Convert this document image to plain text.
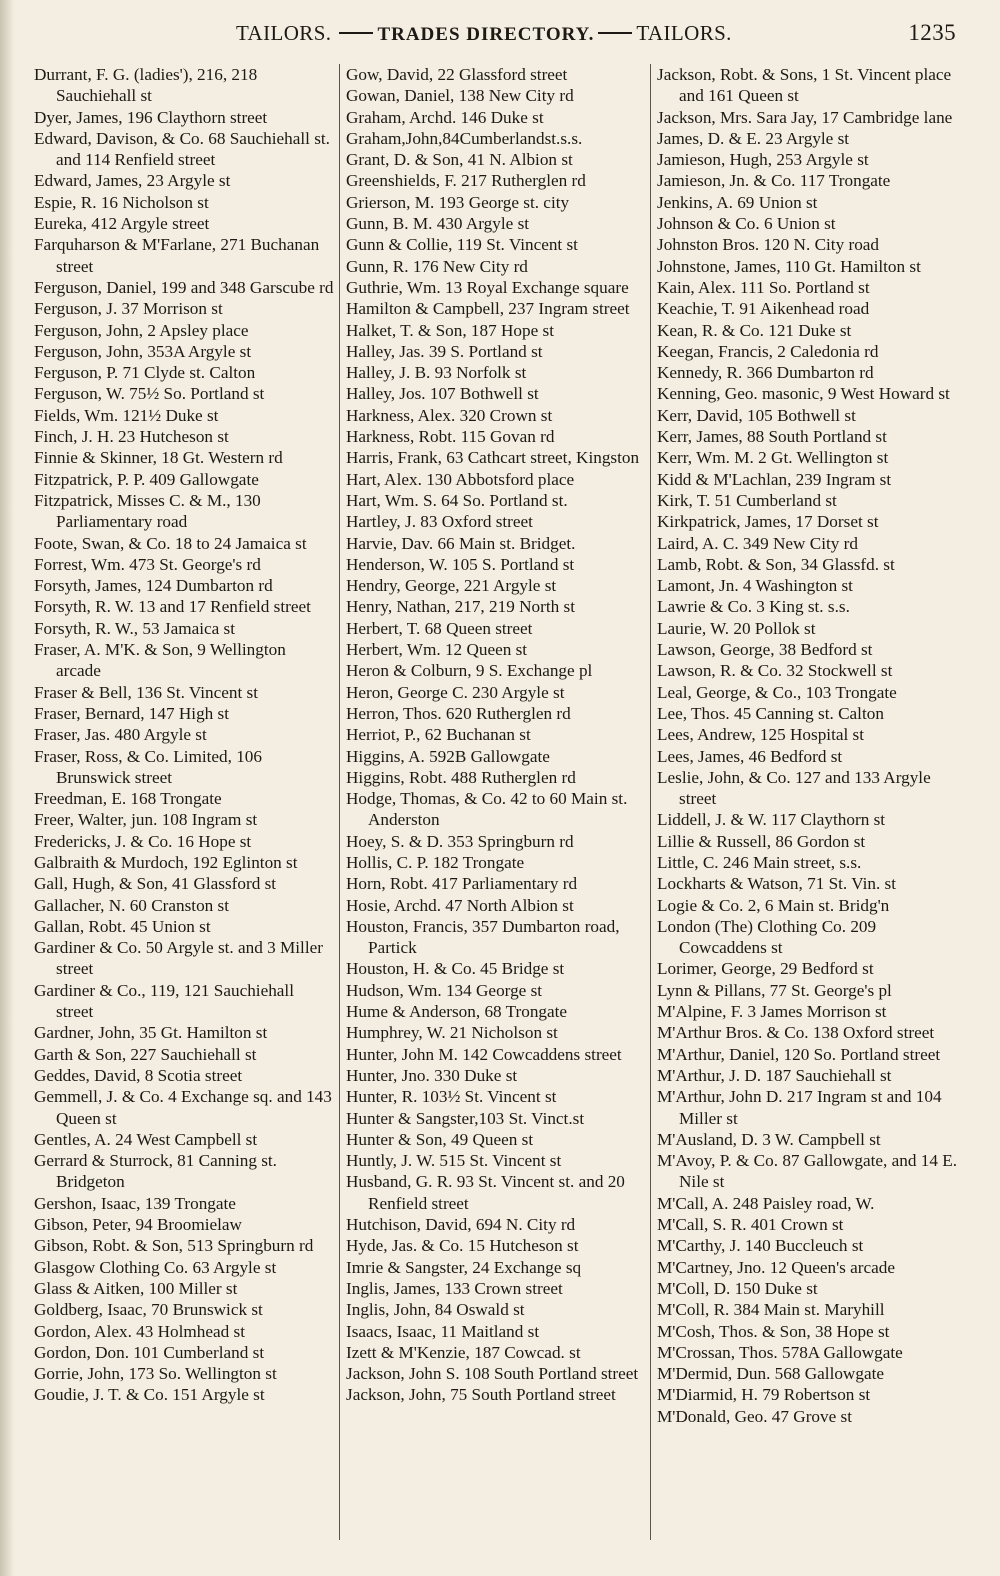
TAILORS. TRADES DIRECTORY. TAILORS.	1235
Durrant, F. G. (ladies'), 216, 218 Sauchiehall st
Dyer, James, 196 Claythorn street
Edward, Davison, & Co. 68 Sauchiehall st. and 114 Renfield street
Edward, James, 23 Argyle st
Espie, R. 16 Nicholson st
Eureka, 412 Argyle street
Farquharson & M'Farlane, 271 Buchanan street
Ferguson, Daniel, 199 and 348 Garscube rd
Ferguson, J. 37 Morrison st
Ferguson, John, 2 Apsley place
Ferguson, John, 353A Argyle st
Ferguson, P. 71 Clyde st. Calton
Ferguson, W. 75½ So. Portland st
Fields, Wm. 121½ Duke st
Finch, J. H. 23 Hutcheson st
Finnie & Skinner, 18 Gt. Western rd
Fitzpatrick, P. P. 409 Gallowgate
Fitzpatrick, Misses C. & M., 130 Parliamentary road
Foote, Swan, & Co. 18 to 24 Jamaica st
Forrest, Wm. 473 St. George's rd
Forsyth, James, 124 Dumbarton rd
Forsyth, R. W. 13 and 17 Renfield street
Forsyth, R. W., 53 Jamaica st
Fraser, A. M'K. & Son, 9 Wellington arcade
Fraser & Bell, 136 St. Vincent st
Fraser, Bernard, 147 High st
Fraser, Jas. 480 Argyle st
Fraser, Ross, & Co. Limited, 106 Brunswick street
Freedman, E. 168 Trongate
Freer, Walter, jun. 108 Ingram st
Fredericks, J. & Co. 16 Hope st
Galbraith & Murdoch, 192 Eglinton st
Gall, Hugh, & Son, 41 Glassford st
Gallacher, N. 60 Cranston st
Gallan, Robt. 45 Union st
Gardiner & Co. 50 Argyle st. and 3 Miller street
Gardiner & Co., 119, 121 Sauchiehall street
Gardner, John, 35 Gt. Hamilton st
Garth & Son, 227 Sauchiehall st
Geddes, David, 8 Scotia street
Gemmell, J. & Co. 4 Exchange sq. and 143 Queen st
Gentles, A. 24 West Campbell st
Gerrard & Sturrock, 81 Canning st. Bridgeton
Gershon, Isaac, 139 Trongate
Gibson, Peter, 94 Broomielaw
Gibson, Robt. & Son, 513 Springburn rd
Glasgow Clothing Co. 63 Argyle st
Glass & Aitken, 100 Miller st
Goldberg, Isaac, 70 Brunswick st
Gordon, Alex. 43 Holmhead st
Gordon, Don. 101 Cumberland st
Gorrie, John, 173 So. Wellington st
Goudie, J. T. & Co. 151 Argyle st
Gow, David, 22 Glassford street
Gowan, Daniel, 138 New City rd
Graham, Archd. 146 Duke st
Graham,John,84Cumberlandst.s.s.
Grant, D. & Son, 41 N. Albion st
Greenshields, F. 217 Rutherglen rd
Grierson, M. 193 George st. city
Gunn, B. M. 430 Argyle st
Gunn & Collie, 119 St. Vincent st
Gunn, R. 176 New City rd
Guthrie, Wm. 13 Royal Exchange square
Hamilton & Campbell, 237 Ingram street
Halket, T. & Son, 187 Hope st
Halley, Jas. 39 S. Portland st
Halley, J. B. 93 Norfolk st
Halley, Jos. 107 Bothwell st
Harkness, Alex. 320 Crown st
Harkness, Robt. 115 Govan rd
Harris, Frank, 63 Cathcart street, Kingston
Hart, Alex. 130 Abbotsford place
Hart, Wm. S. 64 So. Portland st.
Hartley, J. 83 Oxford street
Harvie, Dav. 66 Main st. Bridget.
Henderson, W. 105 S. Portland st
Hendry, George, 221 Argyle st
Henry, Nathan, 217, 219 North st
Herbert, T. 68 Queen street
Herbert, Wm. 12 Queen st
Heron & Colburn, 9 S. Exchange pl
Heron, George C. 230 Argyle st
Herron, Thos. 620 Rutherglen rd
Herriot, P., 62 Buchanan st
Higgins, A. 592B Gallowgate
Higgins, Robt. 488 Rutherglen rd
Hodge, Thomas, & Co. 42 to 60 Main st. Anderston
Hoey, S. & D. 353 Springburn rd
Hollis, C. P. 182 Trongate
Horn, Robt. 417 Parliamentary rd
Hosie, Archd. 47 North Albion st
Houston, Francis, 357 Dumbarton road, Partick
Houston, H. & Co. 45 Bridge st
Hudson, Wm. 134 George st
Hume & Anderson, 68 Trongate
Humphrey, W. 21 Nicholson st
Hunter, John M. 142 Cowcaddens street
Hunter, Jno. 330 Duke st
Hunter, R. 103½ St. Vincent st
Hunter & Sangster,103 St. Vinct.st
Hunter & Son, 49 Queen st
Huntly, J. W. 515 St. Vincent st
Husband, G. R. 93 St. Vincent st. and 20 Renfield street
Hutchison, David, 694 N. City rd
Hyde, Jas. & Co. 15 Hutcheson st
Imrie & Sangster, 24 Exchange sq
Inglis, James, 133 Crown street
Inglis, John, 84 Oswald st
Isaacs, Isaac, 11 Maitland st
Izett & M'Kenzie, 187 Cowcad. st
Jackson, John S. 108 South Portland street
Jackson, John, 75 South Portland street
Jackson, Robt. & Sons, 1 St. Vincent place and 161 Queen st
Jackson, Mrs. Sara Jay, 17 Cambridge lane
James, D. & E. 23 Argyle st
Jamieson, Hugh, 253 Argyle st
Jamieson, Jn. & Co. 117 Trongate
Jenkins, A. 69 Union st
Johnson & Co. 6 Union st
Johnston Bros. 120 N. City road
Johnstone, James, 110 Gt. Hamilton st
Kain, Alex. 111 So. Portland st
Keachie, T. 91 Aikenhead road
Kean, R. & Co. 121 Duke st
Keegan, Francis, 2 Caledonia rd
Kennedy, R. 366 Dumbarton rd
Kenning, Geo. masonic, 9 West Howard st
Kerr, David, 105 Bothwell st
Kerr, James, 88 South Portland st
Kerr, Wm. M. 2 Gt. Wellington st
Kidd & M'Lachlan, 239 Ingram st
Kirk, T. 51 Cumberland st
Kirkpatrick, James, 17 Dorset st
Laird, A. C. 349 New City rd
Lamb, Robt. & Son, 34 Glassfd. st
Lamont, Jn. 4 Washington st
Lawrie & Co. 3 King st. s.s.
Laurie, W. 20 Pollok st
Lawson, George, 38 Bedford st
Lawson, R. & Co. 32 Stockwell st
Leal, George, & Co., 103 Trongate
Lee, Thos. 45 Canning st. Calton
Lees, Andrew, 125 Hospital st
Lees, James, 46 Bedford st
Leslie, John, & Co. 127 and 133 Argyle street
Liddell, J. & W. 117 Claythorn st
Lillie & Russell, 86 Gordon st
Little, C. 246 Main street, s.s.
Lockharts & Watson, 71 St. Vin. st
Logie & Co. 2, 6 Main st. Bridg'n
London (The) Clothing Co. 209 Cowcaddens st
Lorimer, George, 29 Bedford st
Lynn & Pillans, 77 St. George's pl
M'Alpine, F. 3 James Morrison st
M'Arthur Bros. & Co. 138 Oxford street
M'Arthur, Daniel, 120 So. Portland street
M'Arthur, J. D. 187 Sauchiehall st
M'Arthur, John D. 217 Ingram st and 104 Miller st
M'Ausland, D. 3 W. Campbell st
M'Avoy, P. & Co. 87 Gallowgate, and 14 E. Nile st
M'Call, A. 248 Paisley road, W.
M'Call, S. R. 401 Crown st
M'Carthy, J. 140 Buccleuch st
M'Cartney, Jno. 12 Queen's arcade
M'Coll, D. 150 Duke st
M'Coll, R. 384 Main st. Maryhill
M'Cosh, Thos. & Son, 38 Hope st
M'Crossan, Thos. 578A Gallowgate
M'Dermid, Dun. 568 Gallowgate
M'Diarmid, H. 79 Robertson st
M'Donald, Geo. 47 Grove st
